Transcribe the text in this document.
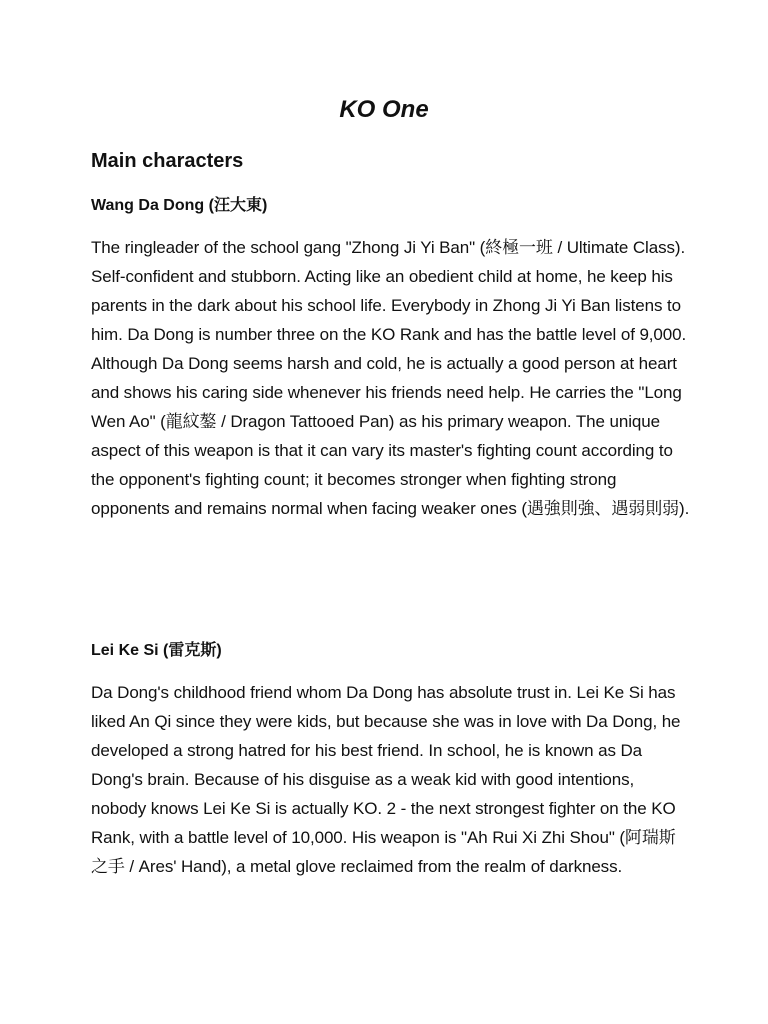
KO One
Main characters
Wang Da Dong (汪大東)

The ringleader of the school gang "Zhong Ji Yi Ban" (終極一班 / Ultimate Class). Self-confident and stubborn. Acting like an obedient child at home, he keep his parents in the dark about his school life. Everybody in Zhong Ji Yi Ban listens to him. Da Dong is number three on the KO Rank and has the battle level of 9,000. Although Da Dong seems harsh and cold, he is actually a good person at heart and shows his caring side whenever his friends need help. He carries the "Long Wen Ao" (龍紋鏊 / Dragon Tattooed Pan) as his primary weapon. The unique aspect of this weapon is that it can vary its master's fighting count according to the opponent's fighting count; it becomes stronger when fighting strong opponents and remains normal when facing weaker ones (遇強則強、遇弱則弱).

Lei Ke Si (雷克斯)

Da Dong's childhood friend whom Da Dong has absolute trust in. Lei Ke Si has liked An Qi since they were kids, but because she was in love with Da Dong, he developed a strong hatred for his best friend. In school, he is known as Da Dong's brain. Because of his disguise as a weak kid with good intentions, nobody knows Lei Ke Si is actually KO. 2 - the next strongest fighter on the KO Rank, with a battle level of 10,000. His weapon is "Ah Rui Xi Zhi Shou" (阿瑞斯之手 / Ares' Hand), a metal glove reclaimed from the realm of darkness.
